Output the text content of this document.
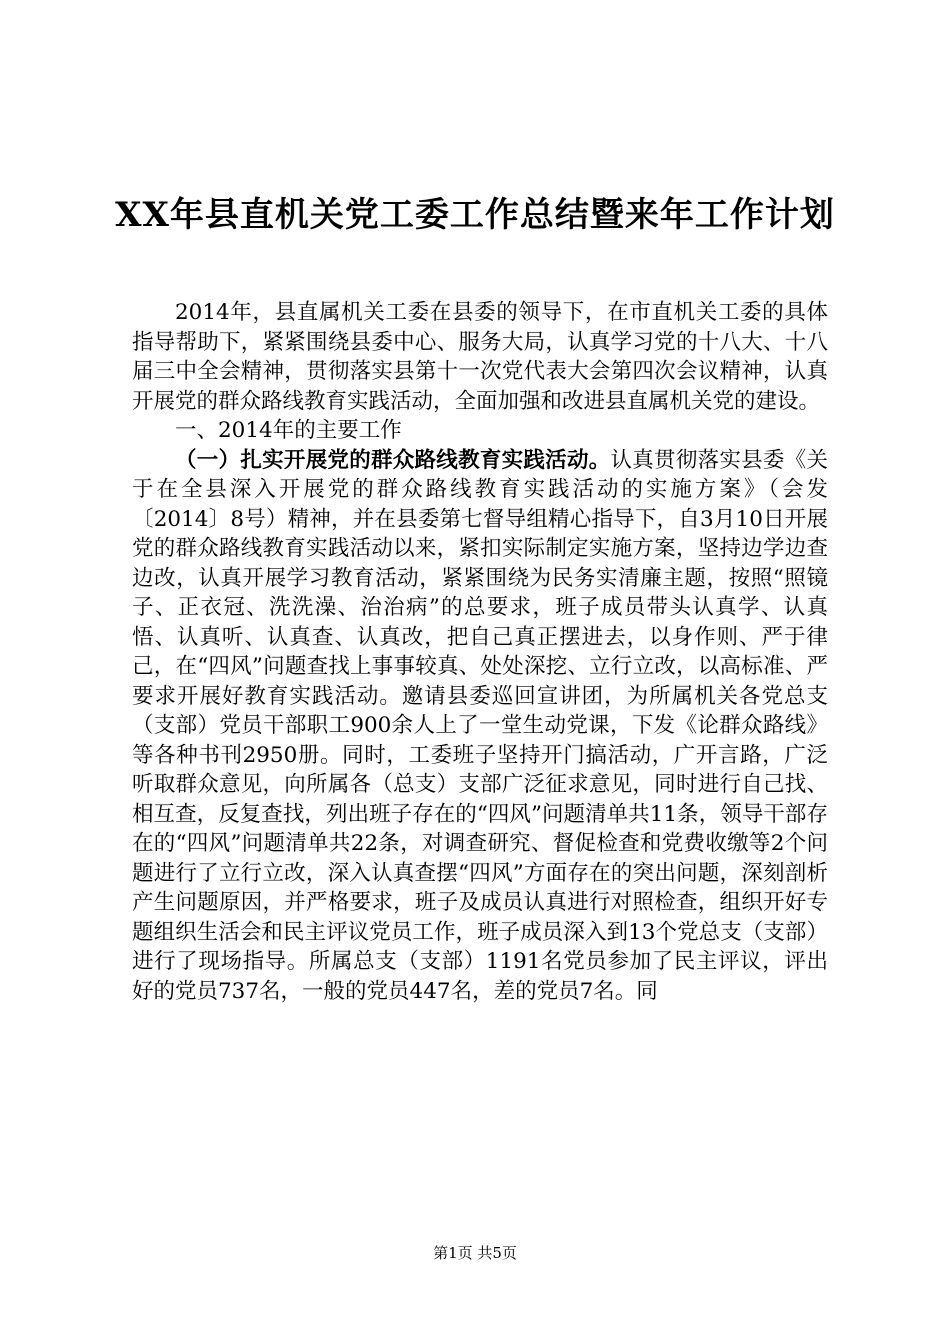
XX年县直机关党工委工作总结暨来年工作计划

2014年，县直属机关工委在县委的领导下，在市直机关工委的具体指导帮助下，紧紧围绕县委中心、服务大局，认真学习党的十八大、十八届三中全会精神，贯彻落实县第十一次党代表大会第四次会议精神，认真开展党的群众路线教育实践活动，全面加强和改进县直属机关党的建设。

一、2014年的主要工作

（一）扎实开展党的群众路线教育实践活动。认真贯彻落实县委《关于在全县深入开展党的群众路线教育实践活动的实施方案》（会发〔2014〕8号）精神，并在县委第七督导组精心指导下，自3月10日开展党的群众路线教育实践活动以来，紧扣实际制定实施方案，坚持边学边查边改，认真开展学习教育活动，紧紧围绕为民务实清廉主题，按照“照镜子、正衣冠、洗洗澡、治治病”的总要求，班子成员带头认真学、认真悟、认真听、认真查、认真改，把自己真正摆进去，以身作则、严于律己，在“四风”问题查找上事事较真、处处深挖、立行立改，以高标准、严要求开展好教育实践活动。邀请县委巡回宣讲团，为所属机关各党总支（支部）党员干部职工900余人上了一堂生动党课，下发《论群众路线》等各种书刊2950册。同时，工委班子坚持开门搞活动，广开言路，广泛听取群众意见，向所属各（总支）支部广泛征求意见，同时进行自己找、相互查，反复查找，列出班子存在的“四风”问题清单共11条，领导干部存在的“四风”问题清单共22条，对调查研究、督促检查和党费收缴等2个问题进行了立行立改，深入认真查摆“四风”方面存在的突出问题，深刻剖析产生问题原因，并严格要求，班子及成员认真进行对照检查，组织开好专题组织生活会和民主评议党员工作，班子成员深入到13个党总支（支部）进行了现场指导。所属总支（支部）1191名党员参加了民主评议，评出好的党员737名，一般的党员447名，差的党员7名。同

第1页 共5页
